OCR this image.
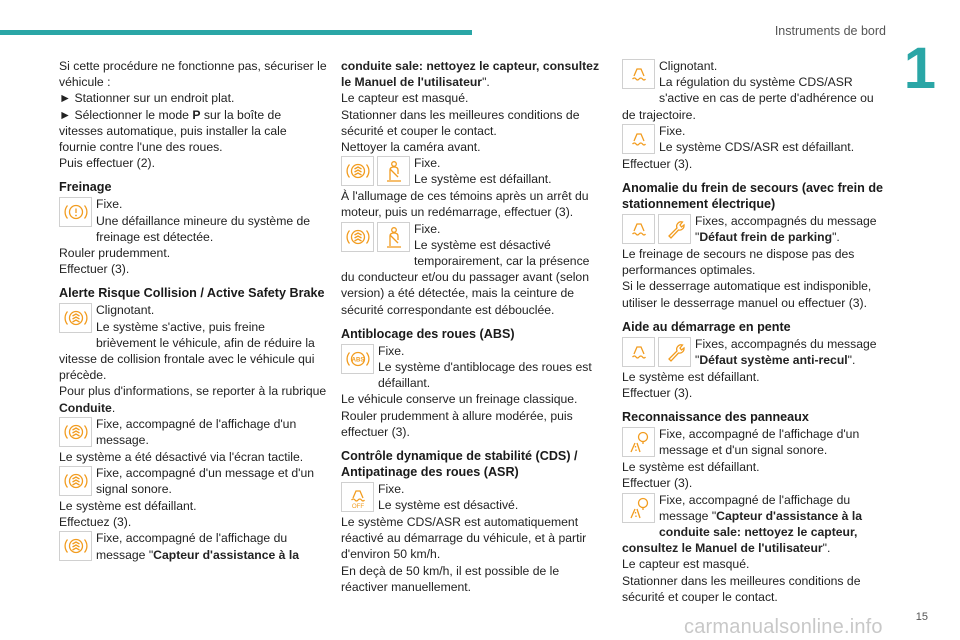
Instruments de bord
1

Si cette procédure ne fonctionne pas, sécuriser le véhicule :

► Stationner sur un endroit plat.

► Sélectionner le mode P sur la boîte de vitesses automatique, puis installer la cale fournie contre l'une des roues.

Puis effectuer (2).

Freinage

Fixe.

Une défaillance mineure du système de freinage est détectée.

Rouler prudemment.

Effectuer (3).

Alerte Risque Collision / Active Safety Brake

Clignotant.

Le système s'active, puis freine brièvement le véhicule, afin de réduire la vitesse de collision frontale avec le véhicule qui précède.

Pour plus d'informations, se reporter à la rubrique Conduite.

Fixe, accompagné de l'affichage d'un message.

Le système a été désactivé via l'écran tactile.

Fixe, accompagné d'un message et d'un signal sonore.

Le système est défaillant.

Effectuez (3).

Fixe, accompagné de l'affichage du message "Capteur d'assistance à la

conduite sale: nettoyez le capteur, consultez le Manuel de l'utilisateur".

Le capteur est masqué.

Stationner dans les meilleures conditions de sécurité et couper le contact.

Nettoyer la caméra avant.

Fixe.

Le système est défaillant.

À l'allumage de ces témoins après un arrêt du moteur, puis un redémarrage, effectuer (3).

Fixe.

Le système est désactivé temporairement, car la présence du conducteur et/ou du passager avant (selon version) a été détectée, mais la ceinture de sécurité correspondante est débouclée.
Antiblocage des roues (ABS)
ABS

Fixe.

Le système d'antiblocage des roues est défaillant.

Le véhicule conserve un freinage classique.

Rouler prudemment à allure modérée, puis effectuer (3).

Contrôle dynamique de stabilité (CDS) / Antipatinage des roues (ASR)
OFF

Fixe.

Le système est désactivé.

Le système CDS/ASR est automatiquement réactivé au démarrage du véhicule, et à partir d'environ 50 km/h.

En deçà de 50 km/h, il est possible de le réactiver manuellement.

Clignotant.

La régulation du système CDS/ASR s'active en cas de perte d'adhérence ou de trajectoire.

Fixe.

Le système CDS/ASR est défaillant.

Effectuer (3).

Anomalie du frein de secours (avec frein de stationnement électrique)
Fixes, accompagnés du message "Défaut frein de parking".

Le freinage de secours ne dispose pas des performances optimales.

Si le desserrage automatique est indisponible, utiliser le desserrage manuel ou effectuer (3).

Aide au démarrage en pente
Fixes, accompagnés du message "Défaut système anti-recul".

Le système est défaillant.

Effectuer (3).

Reconnaissance des panneaux
Fixe, accompagné de l'affichage d'un message et d'un signal sonore.

Le système est défaillant.

Effectuer (3).

Fixe, accompagné de l'affichage du message "Capteur d'assistance à la conduite sale: nettoyez le capteur, consultez le Manuel de l'utilisateur".

Le capteur est masqué.

Stationner dans les meilleures conditions de sécurité et couper le contact.

15
carmanualsonline.info
